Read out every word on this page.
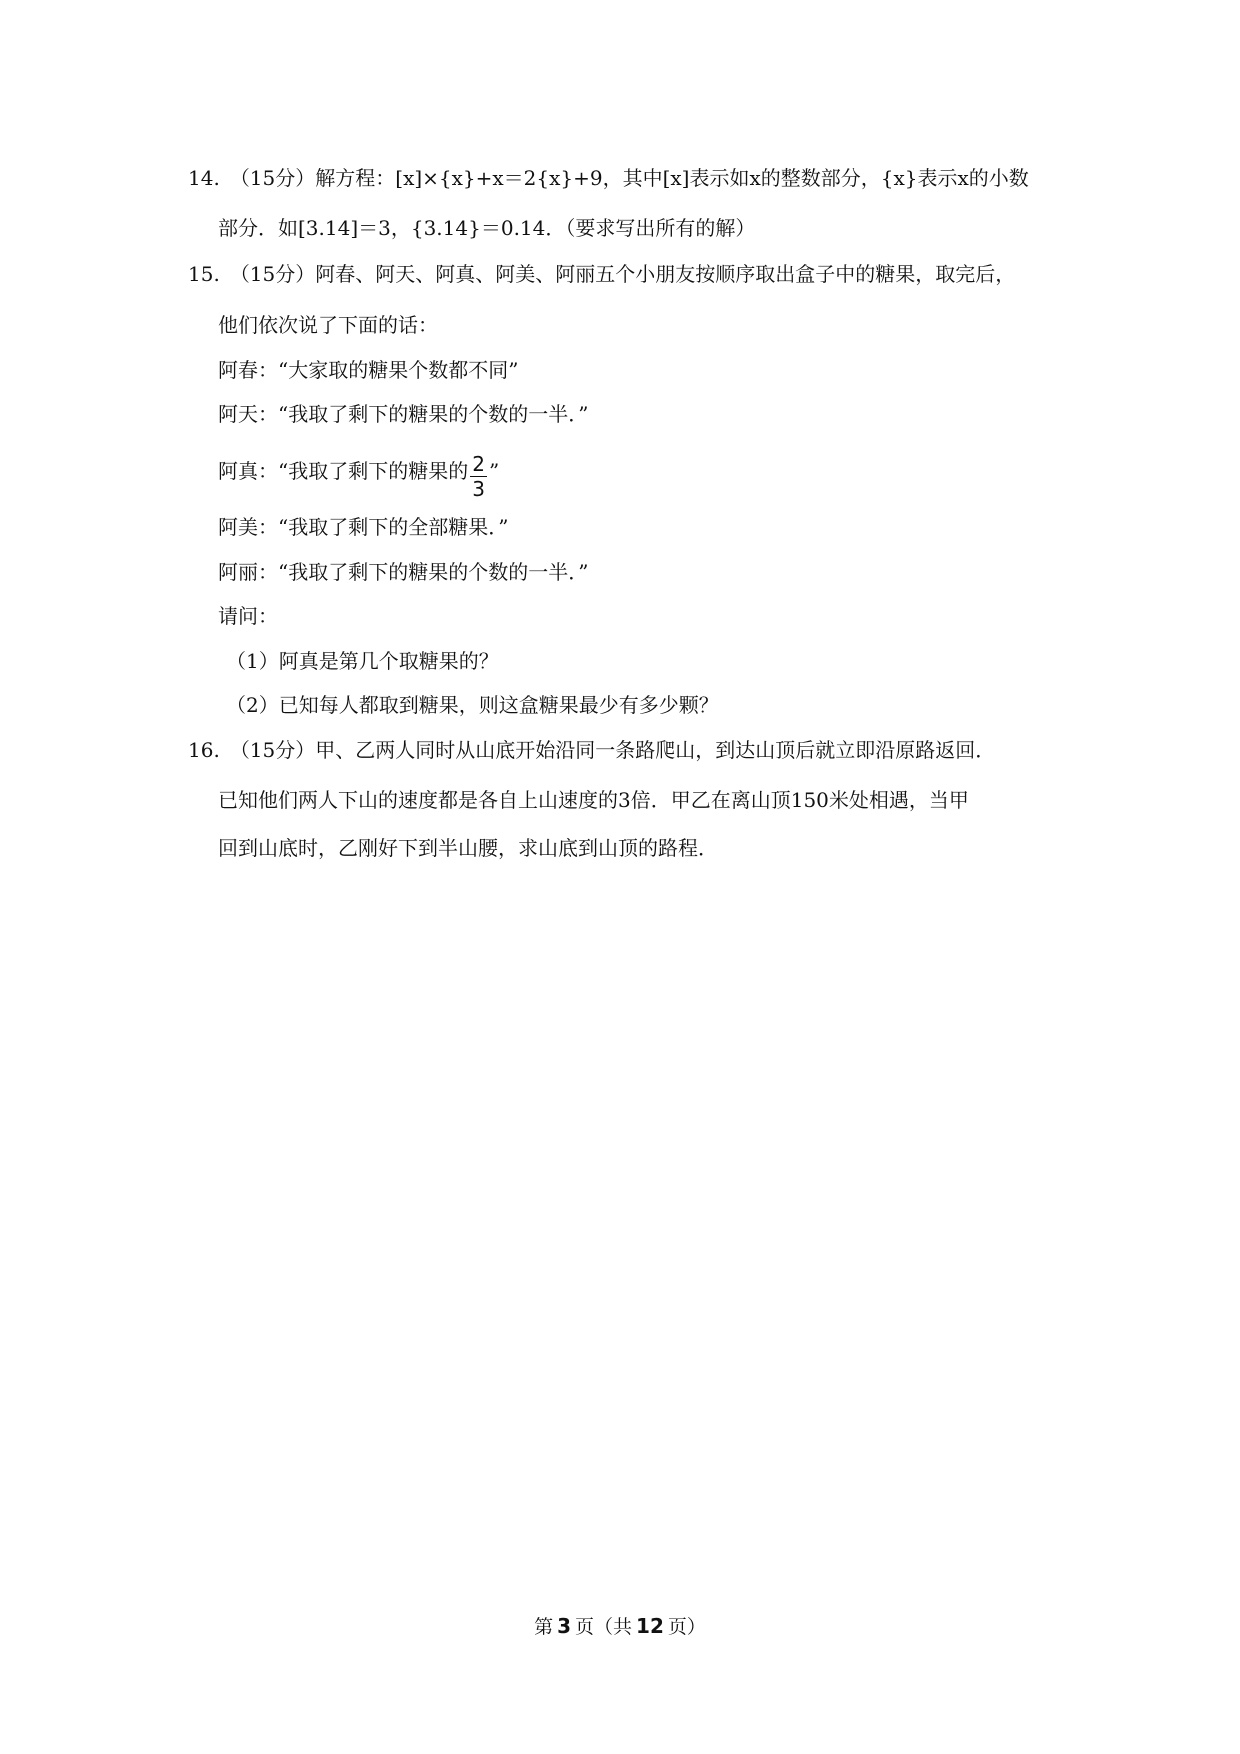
14. （15分）解方程：[x]×{x}+x＝2{x}+9，其中[x]表示如x的整数部分，{x}表示x的小数
部分．如[3.14]＝3，{3.14}＝0.14．（要求写出所有的解）
15. （15分）阿春、阿天、阿真、阿美、阿丽五个小朋友按顺序取出盒子中的糖果，取完后，
他们依次说了下面的话：
阿春：“大家取的糖果个数都不同”
阿天：“我取了剩下的糖果的个数的一半．”
阿真：“我取了剩下的糖果的 $\frac{2}{3}$ ”
阿美：“我取了剩下的全部糖果．”
阿丽：“我取了剩下的糖果的个数的一半．”
请问：
（1）阿真是第几个取糖果的？
（2）已知每人都取到糖果，则这盒糖果最少有多少颗？
16. （15分）甲、乙两人同时从山底开始沿同一条路爬山，到达山顶后就立即沿原路返回．
已知他们两人下山的速度都是各自上山速度的3倍．甲乙在离山顶150米处相遇，当甲
回到山底时，乙刚好下到半山腰，求山底到山顶的路程．
第 3 页（共 12 页）
